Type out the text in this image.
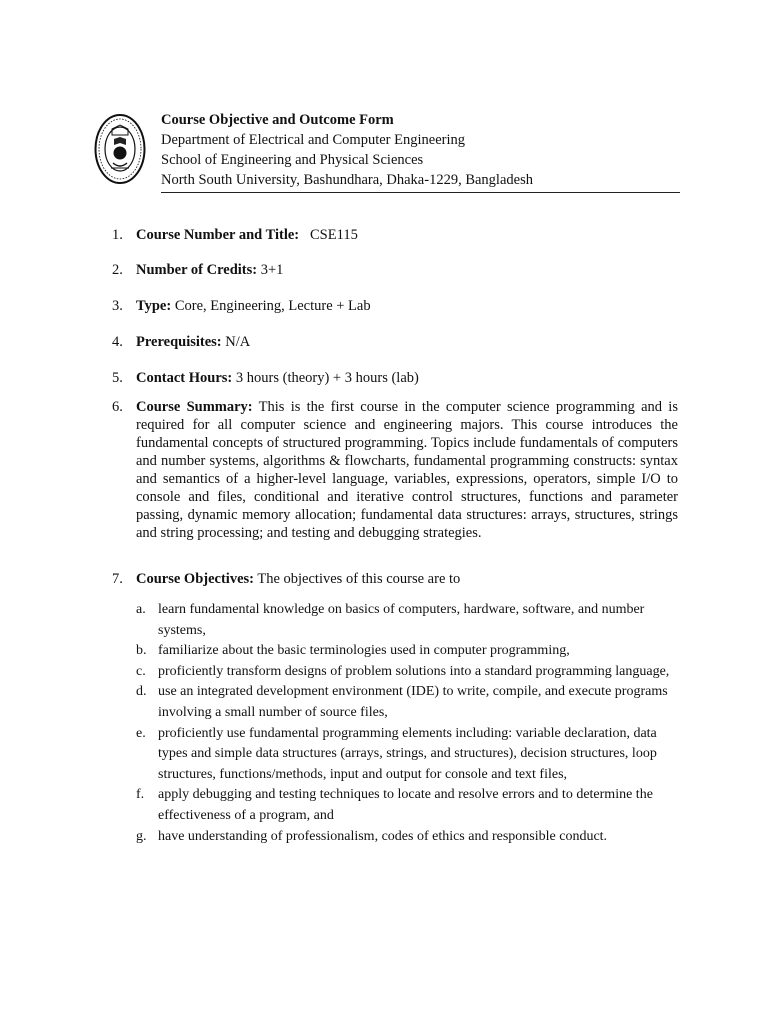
Course Objective and Outcome Form
Department of Electrical and Computer Engineering
School of Engineering and Physical Sciences
North South University, Bashundhara, Dhaka-1229, Bangladesh
1. Course Number and Title: CSE115
2. Number of Credits: 3+1
3. Type: Core, Engineering, Lecture + Lab
4. Prerequisites: N/A
5. Contact Hours: 3 hours (theory) + 3 hours (lab)
6. Course Summary: This is the first course in the computer science programming and is required for all computer science and engineering majors. This course introduces the fundamental concepts of structured programming. Topics include fundamentals of computers and number systems, algorithms & flowcharts, fundamental programming constructs: syntax and semantics of a higher-level language, variables, expressions, operators, simple I/O to console and files, conditional and iterative control structures, functions and parameter passing, dynamic memory allocation; fundamental data structures: arrays, structures, strings and string processing; and testing and debugging strategies.
7. Course Objectives: The objectives of this course are to
a. learn fundamental knowledge on basics of computers, hardware, software, and number systems,
b. familiarize about the basic terminologies used in computer programming,
c. proficiently transform designs of problem solutions into a standard programming language,
d. use an integrated development environment (IDE) to write, compile, and execute programs involving a small number of source files,
e. proficiently use fundamental programming elements including: variable declaration, data types and simple data structures (arrays, strings, and structures), decision structures, loop structures, functions/methods, input and output for console and text files,
f. apply debugging and testing techniques to locate and resolve errors and to determine the effectiveness of a program, and
g. have understanding of professionalism, codes of ethics and responsible conduct.
